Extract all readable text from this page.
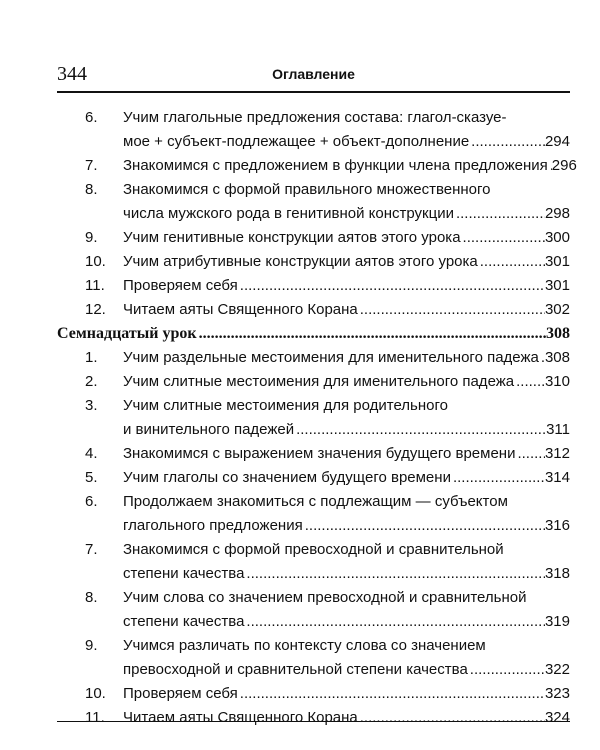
344	Оглавление
6.	Учим глагольные предложения состава: глагол-сказуе-
мое + субъект-подлежащее + объект-дополнение .....	294
7.	Знакомимся с предложением в функции члена предложения ..... 296
8.	Знакомимся с формой правильного множественного
числа мужского рода в генитивной конструкции .....	298
9.	Учим генитивные конструкции аятов этого урока .....	300
10.	Учим атрибутивные конструкции аятов этого урока .....	301
11.	Проверяем себя .....	301
12.	Читаем аяты Священного Корана .....	302
Семнадцатый урок .....	308
1.	Учим раздельные местоимения для именительного падежа ..... 308
2.	Учим слитные местоимения для именительного падежа ..... 310
3.	Учим слитные местоимения для родительного
и винительного падежей .....	311
4.	Знакомимся с выражением значения будущего времени ..... 312
5.	Учим глаголы со значением будущего времени .....	314
6.	Продолжаем знакомиться с подлежащим — субъектом
глагольного предложения .....	316
7.	Знакомимся с формой превосходной и сравнительной
степени качества .....	318
8.	Учим слова со значением превосходной и сравнительной
степени качества .....	319
9.	Учимся различать по контексту слова со значением
превосходной и сравнительной степени качества .....	322
10.	Проверяем себя .....	323
11.	Читаем аяты Священного Корана .....	324
